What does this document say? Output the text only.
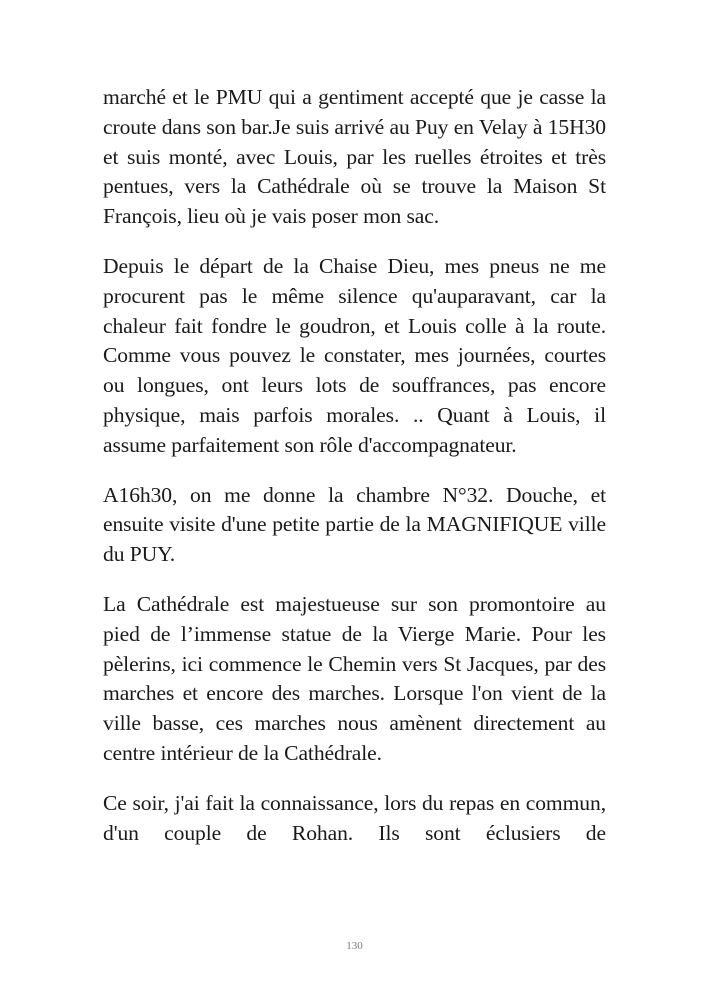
marché et le PMU qui a gentiment accepté que je casse la croute dans son bar.Je suis arrivé au Puy en Velay à 15H30 et suis monté, avec Louis, par les ruelles étroites et très pentues, vers la Cathédrale où se trouve la Maison St François, lieu où je vais poser mon sac.

Depuis le départ de la Chaise Dieu, mes pneus ne me procurent pas le même silence qu'auparavant, car la chaleur fait fondre le goudron, et Louis colle à la route. Comme vous pouvez le constater, mes journées, courtes ou longues, ont leurs lots de souffrances, pas encore physique, mais parfois morales. .. Quant à Louis, il assume parfaitement son rôle d'accompagnateur.

A16h30, on me donne la chambre N°32. Douche, et ensuite visite d'une petite partie de la MAGNIFIQUE ville du PUY.

La Cathédrale est majestueuse sur son promontoire au pied de l’immense statue de la Vierge Marie. Pour les pèlerins, ici commence le Chemin vers St Jacques, par des marches et encore des marches. Lorsque l'on vient de la ville basse, ces marches nous amènent directement au centre intérieur de la Cathédrale.

Ce soir, j'ai fait la connaissance, lors du repas en commun, d'un couple de Rohan. Ils sont éclusiers de

130
